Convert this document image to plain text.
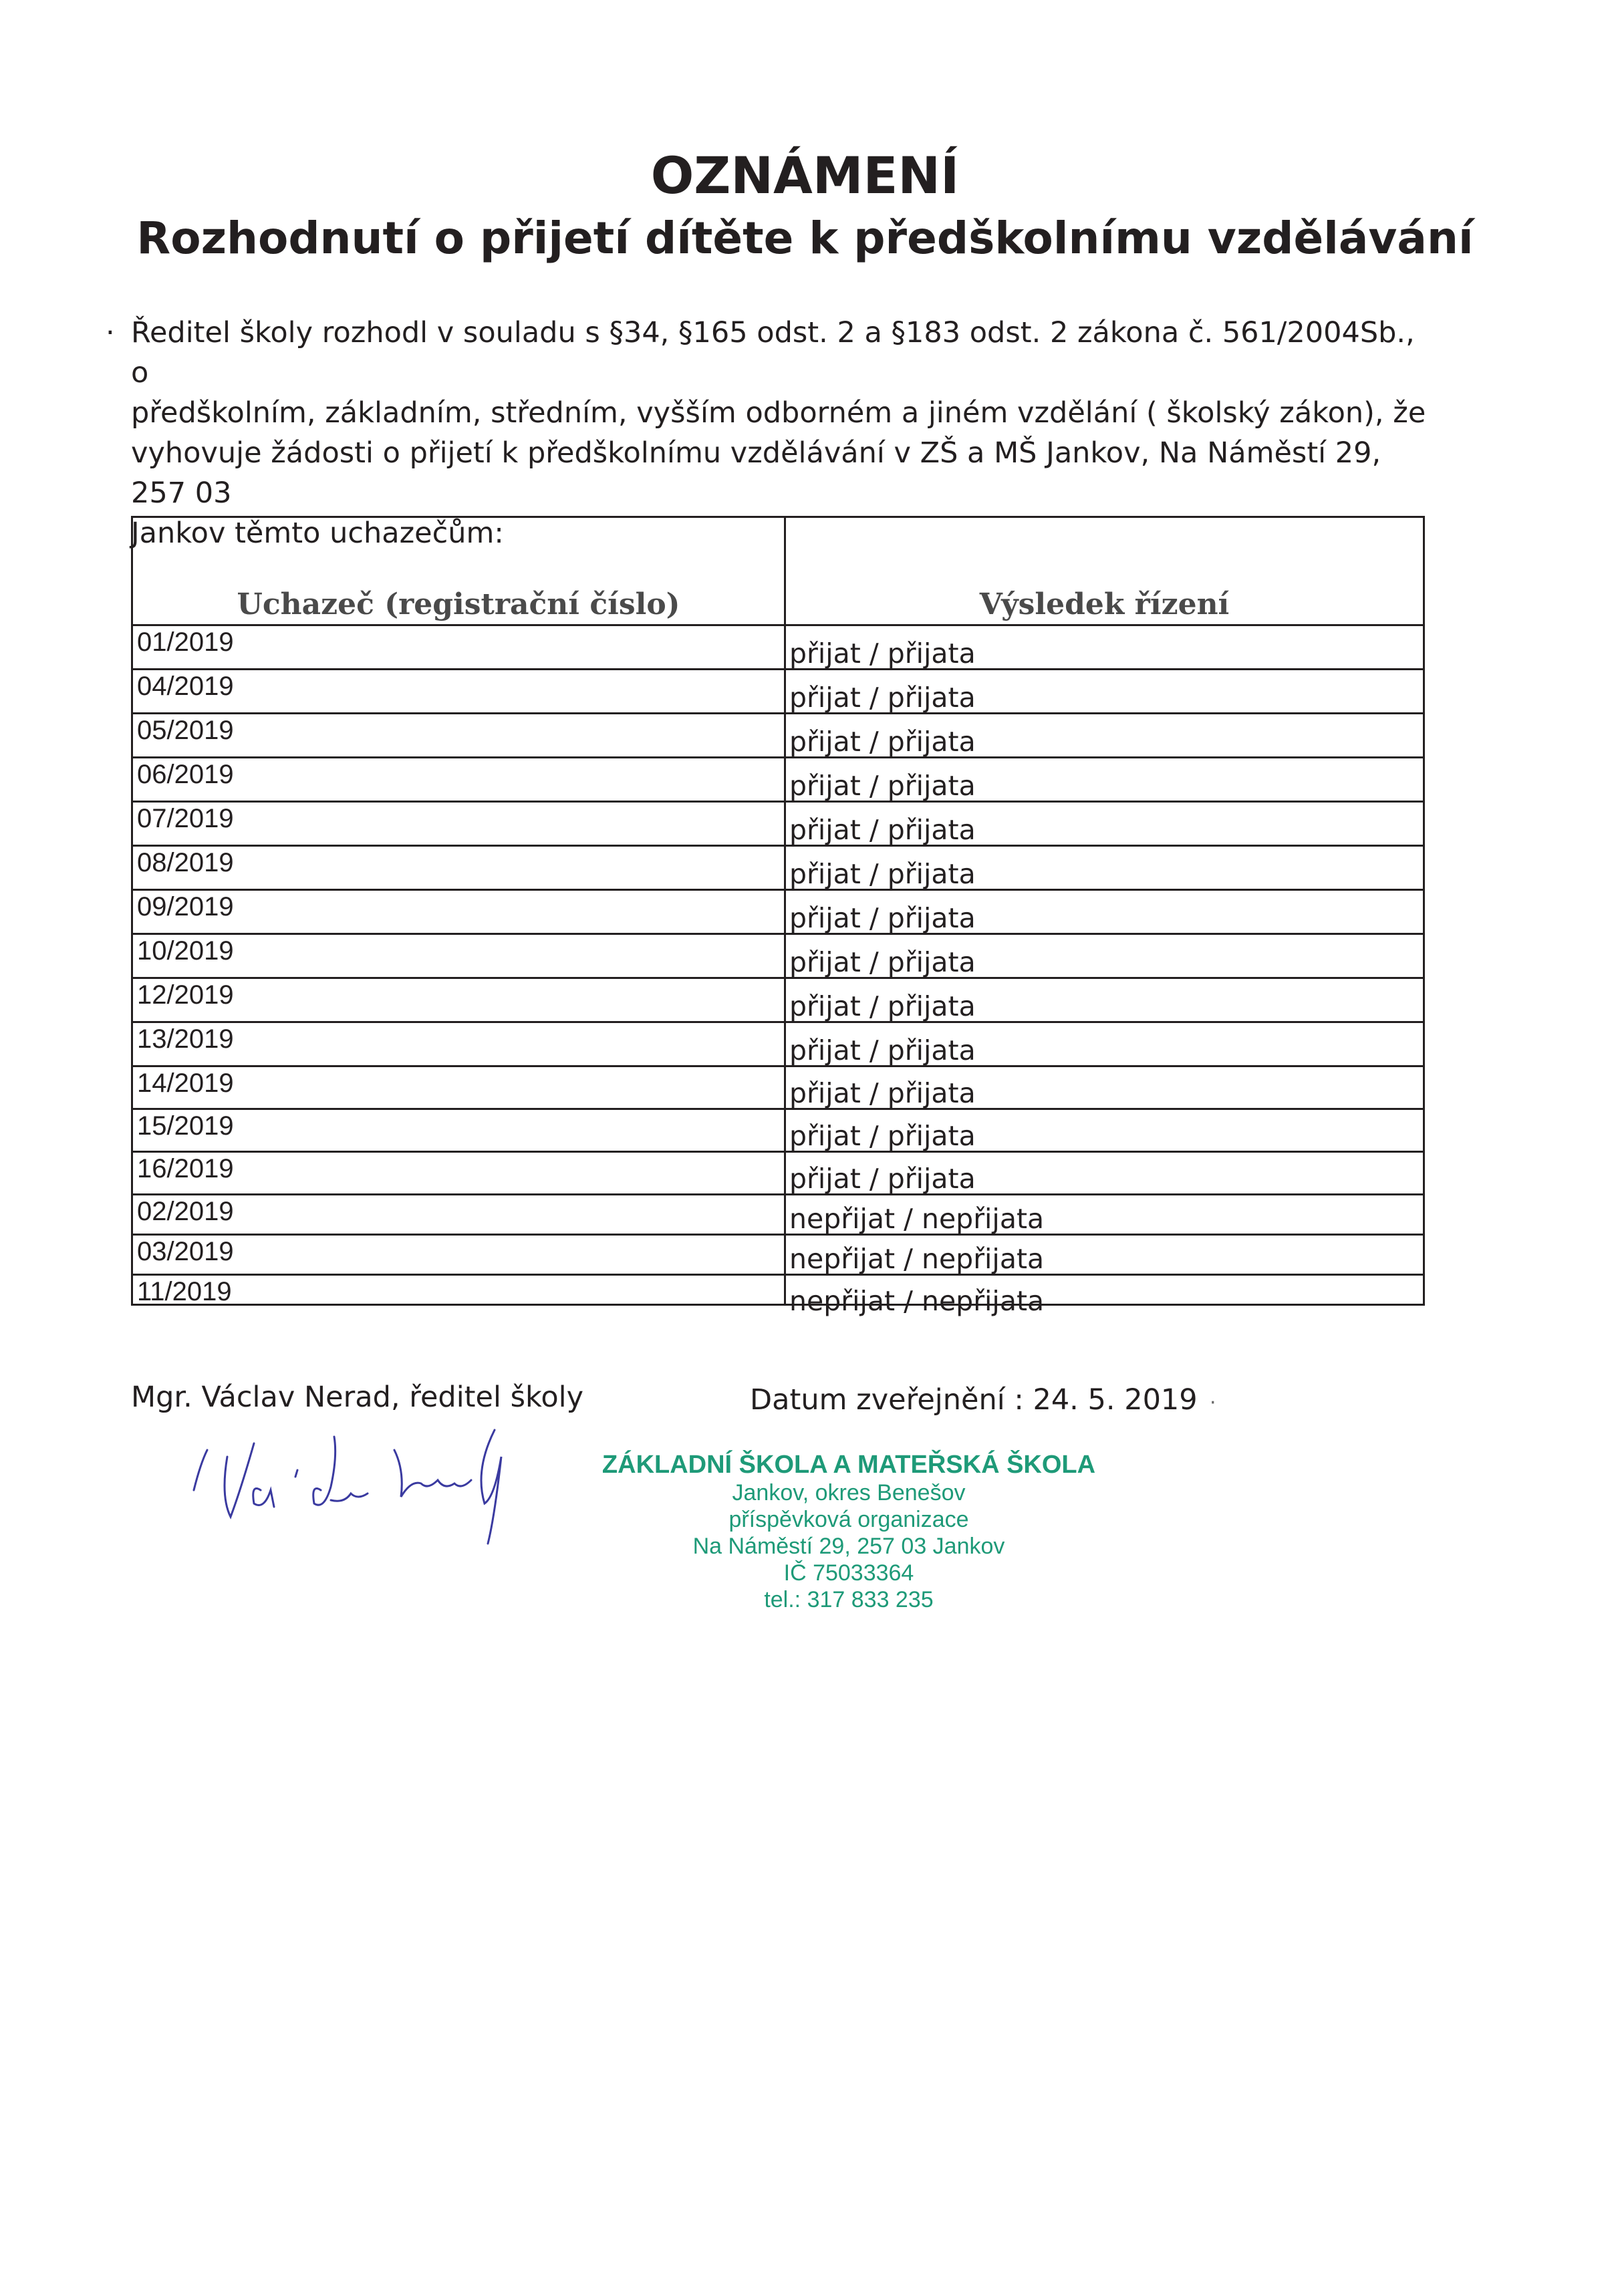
OZNÁMENÍ
Rozhodnutí o přijetí dítěte k předškolnímu vzdělávání
· Ředitel školy rozhodl v souladu s §34, §165 odst. 2 a §183 odst. 2 zákona č. 561/2004Sb., o
předškolním, základním, středním, vyšším odborném a jiném vzdělání ( školský zákon), že
vyhovuje žádosti o přijetí k předškolnímu vzdělávání v ZŠ a MŠ Jankov, Na Náměstí 29, 257 03
Jankov těmto uchazečům:
Uchazeč (registrační číslo)	Výsledek řízení
01/2019	přijat / přijata
04/2019	přijat / přijata
05/2019	přijat / přijata
06/2019	přijat / přijata
07/2019	přijat / přijata
08/2019	přijat / přijata
09/2019	přijat / přijata
10/2019	přijat / přijata
12/2019	přijat / přijata
13/2019	přijat / přijata
14/2019	přijat / přijata
15/2019	přijat / přijata
16/2019	přijat / přijata
02/2019	nepřijat / nepřijata
03/2019	nepřijat / nepřijata
11/2019	nepřijat / nepřijata
Mgr. Václav Nerad, ředitel školy	Datum zveřejnění : 24. 5. 2019 ·
ZÁKLADNÍ ŠKOLA A MATEŘSKÁ ŠKOLA
Jankov, okres Benešov
příspěvková organizace
Na Náměstí 29, 257 03 Jankov
IČ 75033364
tel.: 317 833 235
